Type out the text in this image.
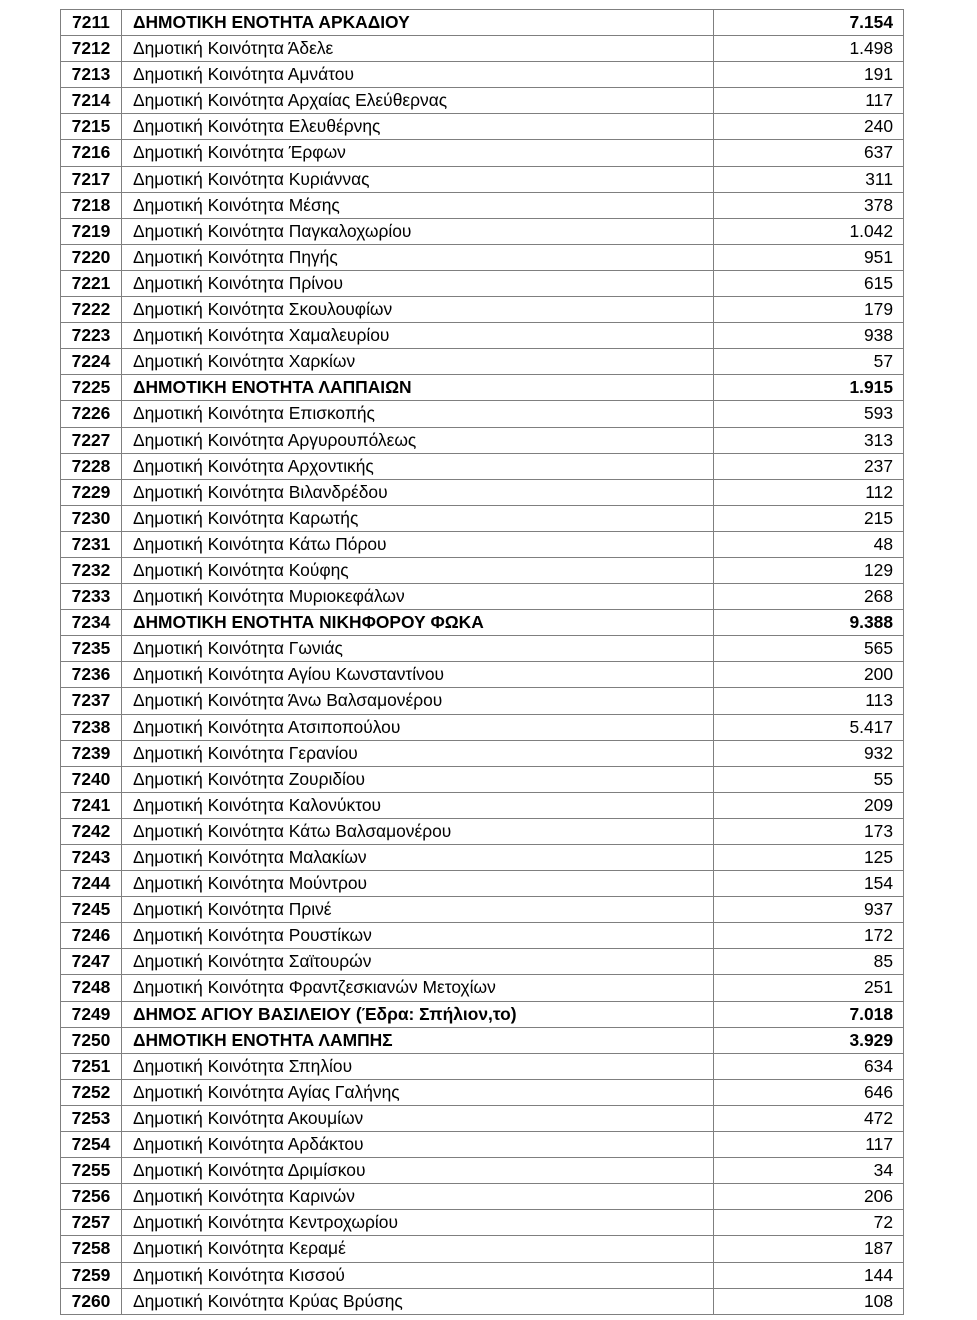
7211	ΔΗΜΟΤΙΚΗ ΕΝΟΤΗΤΑ ΑΡΚΑΔΙΟΥ	7.154
7212	Δημοτική Κοινότητα Άδελε	1.498
7213	Δημοτική Κοινότητα Αμνάτου	191
7214	Δημοτική Κοινότητα Αρχαίας Ελεύθερνας	117
7215	Δημοτική Κοινότητα Ελευθέρνης	240
7216	Δημοτική Κοινότητα Έρφων	637
7217	Δημοτική Κοινότητα Κυριάννας	311
7218	Δημοτική Κοινότητα Μέσης	378
7219	Δημοτική Κοινότητα Παγκαλοχωρίου	1.042
7220	Δημοτική Κοινότητα Πηγής	951
7221	Δημοτική Κοινότητα Πρίνου	615
7222	Δημοτική Κοινότητα Σκουλουφίων	179
7223	Δημοτική Κοινότητα Χαμαλευρίου	938
7224	Δημοτική Κοινότητα Χαρκίων	57
7225	ΔΗΜΟΤΙΚΗ ΕΝΟΤΗΤΑ ΛΑΠΠΑΙΩΝ	1.915
7226	Δημοτική Κοινότητα Επισκοπής	593
7227	Δημοτική Κοινότητα Αργυρουπόλεως	313
7228	Δημοτική Κοινότητα Αρχοντικής	237
7229	Δημοτική Κοινότητα Βιλανδρέδου	112
7230	Δημοτική Κοινότητα Καρωτής	215
7231	Δημοτική Κοινότητα Κάτω Πόρου	48
7232	Δημοτική Κοινότητα Κούφης	129
7233	Δημοτική Κοινότητα Μυριοκεφάλων	268
7234	ΔΗΜΟΤΙΚΗ ΕΝΟΤΗΤΑ ΝΙΚΗΦΟΡΟΥ ΦΩΚΑ	9.388
7235	Δημοτική Κοινότητα Γωνιάς	565
7236	Δημοτική Κοινότητα Αγίου Κωνσταντίνου	200
7237	Δημοτική Κοινότητα Άνω Βαλσαμονέρου	113
7238	Δημοτική Κοινότητα Ατσιποπούλου	5.417
7239	Δημοτική Κοινότητα Γερανίου	932
7240	Δημοτική Κοινότητα Ζουριδίου	55
7241	Δημοτική Κοινότητα Καλονύκτου	209
7242	Δημοτική Κοινότητα Κάτω Βαλσαμονέρου	173
7243	Δημοτική Κοινότητα Μαλακίων	125
7244	Δημοτική Κοινότητα Μούντρου	154
7245	Δημοτική Κοινότητα Πρινέ	937
7246	Δημοτική Κοινότητα Ρουστίκων	172
7247	Δημοτική Κοινότητα Σαϊτουρών	85
7248	Δημοτική Κοινότητα Φραντζεσκιανών Μετοχίων	251
7249	ΔΗΜΟΣ ΑΓΙΟΥ ΒΑΣΙΛΕΙΟΥ (Έδρα: Σπήλιον,το)	7.018
7250	ΔΗΜΟΤΙΚΗ ΕΝΟΤΗΤΑ ΛΑΜΠΗΣ	3.929
7251	Δημοτική Κοινότητα Σπηλίου	634
7252	Δημοτική Κοινότητα Αγίας Γαλήνης	646
7253	Δημοτική Κοινότητα Ακουμίων	472
7254	Δημοτική Κοινότητα Αρδάκτου	117
7255	Δημοτική Κοινότητα Δριμίσκου	34
7256	Δημοτική Κοινότητα Καρινών	206
7257	Δημοτική Κοινότητα Κεντροχωρίου	72
7258	Δημοτική Κοινότητα Κεραμέ	187
7259	Δημοτική Κοινότητα Κισσού	144
7260	Δημοτική Κοινότητα Κρύας Βρύσης	108
